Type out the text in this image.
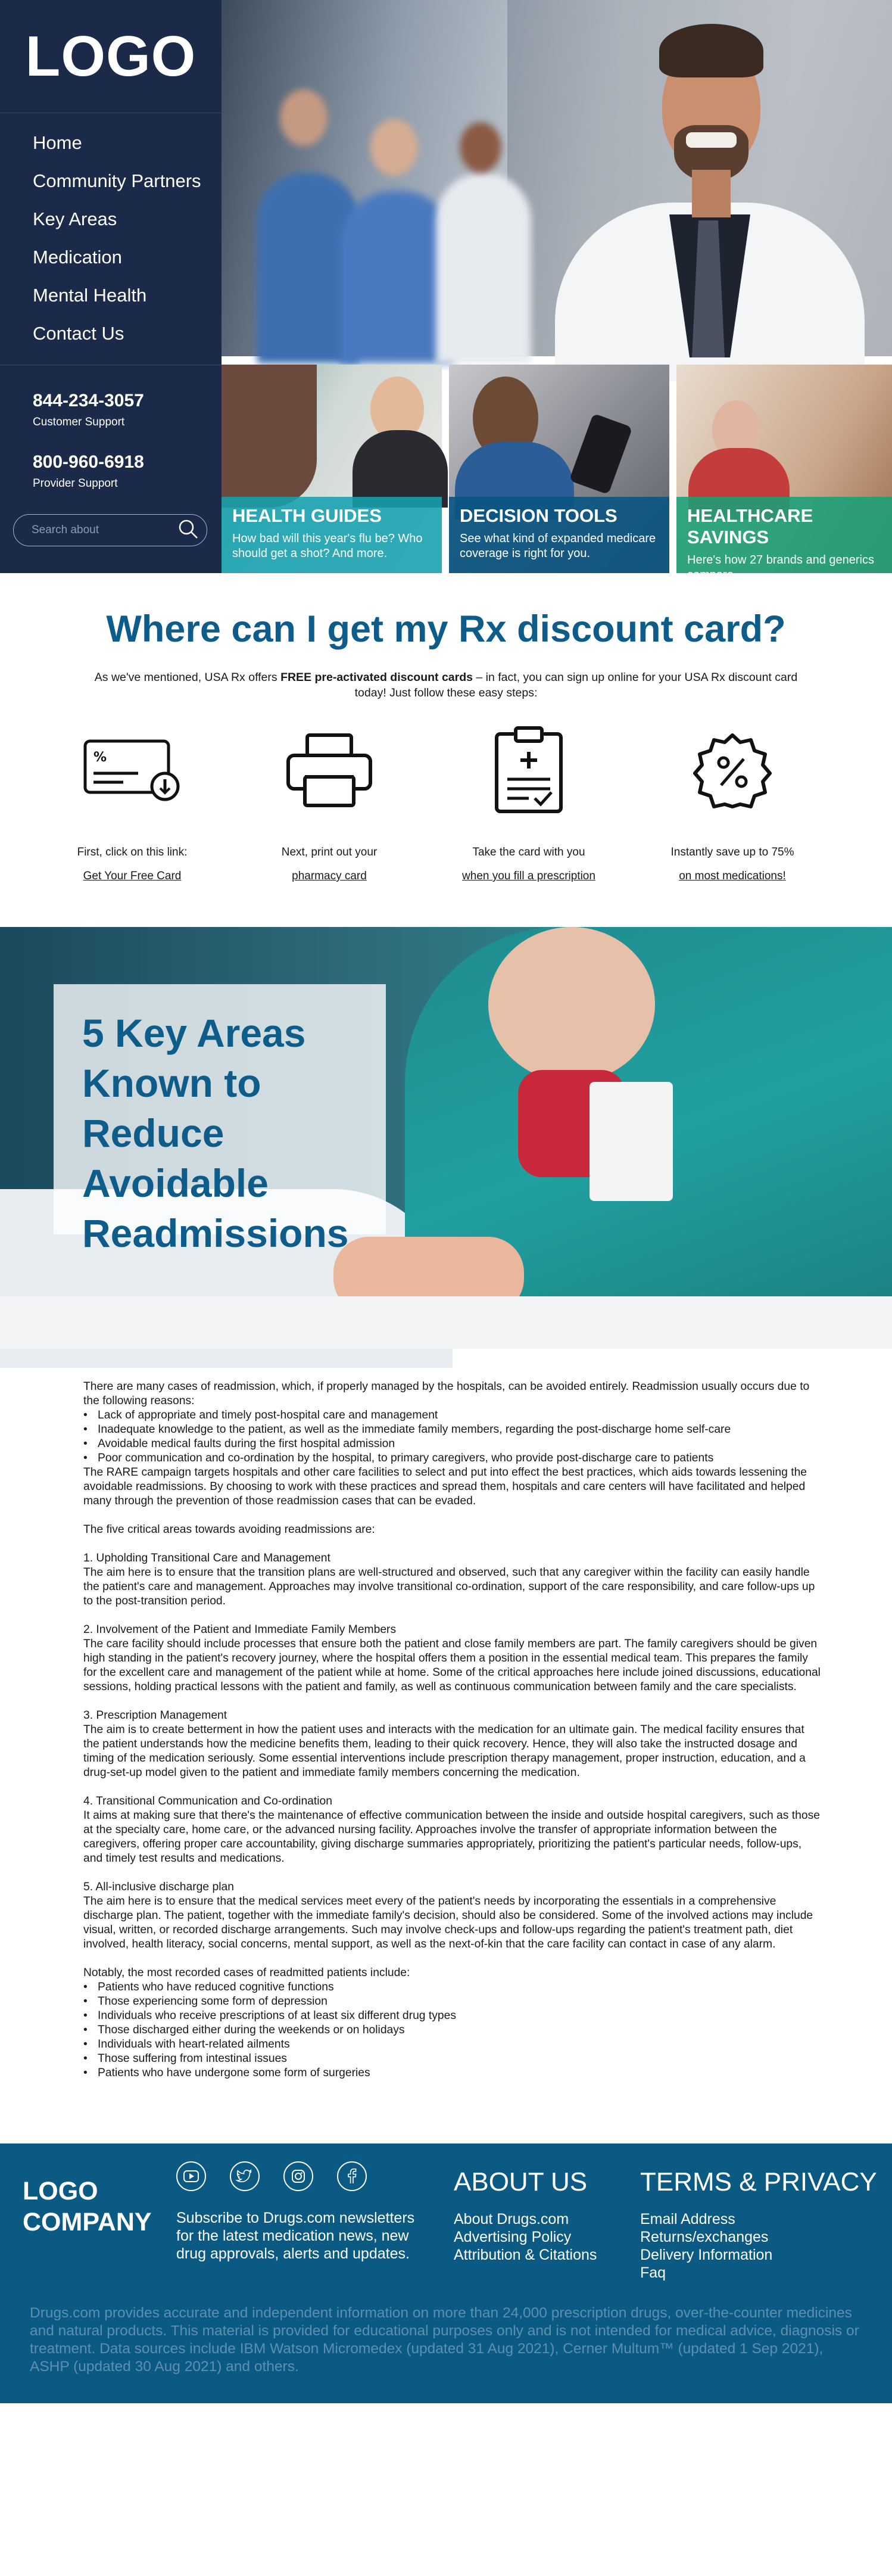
LOGO
Home
Community Partners
Key Areas
Medication
Mental Health
Contact Us
844-234-3057
Customer Support
800-960-6918
Provider Support
Search about
HEALTH GUIDES
How bad will this year's flu be? Who should get a shot? And more.
DECISION TOOLS
See what kind of expanded medicare coverage is right for you.
HEALTHCARE SAVINGS
Here's how 27 brands and generics compare.
Where can I get my Rx discount card?

As we've mentioned, USA Rx offers FREE pre-activated discount cards – in fact, you can sign up online for your USA Rx discount card today! Just follow these easy steps:

%
First, click on this link:
Get Your Free Card
Next, print out your
pharmacy card
Take the card with you
when you fill a prescription
Instantly save up to 75%
on most medications!
5 Key Areas
Known to
Reduce
Avoidable
Readmissions

There are many cases of readmission, which, if properly managed by the hospitals, can be avoided entirely. Readmission usually occurs due to the following reasons:

• Lack of appropriate and timely post-hospital care and management
• Inadequate knowledge to the patient, as well as the immediate family members, regarding the post-discharge home self-care
• Avoidable medical faults during the first hospital admission
• Poor communication and co-ordination by the hospital, to primary caregivers, who provide post-discharge care to patients

The RARE campaign targets hospitals and other care facilities to select and put into effect the best practices, which aids towards lessening the avoidable readmissions. By choosing to work with these practices and spread them, hospitals and care centers will have facilitated and helped many through the prevention of those readmission cases that can be evaded.

The five critical areas towards avoiding readmissions are:

1. Upholding Transitional Care and Management

The aim here is to ensure that the transition plans are well-structured and observed, such that any caregiver within the facility can easily handle the patient's care and management. Approaches may involve transitional co-ordination, support of the care responsibility, and care follow-ups up to the post-transition period.

2. Involvement of the Patient and Immediate Family Members

The care facility should include processes that ensure both the patient and close family members are part. The family caregivers should be given high standing in the patient's recovery journey, where the hospital offers them a position in the essential medical team. This prepares the family for the excellent care and management of the patient while at home. Some of the critical approaches here include joined discussions, educational sessions, holding practical lessons with the patient and family, as well as continuous communication between family and the care specialists.

3. Prescription Management

The aim is to create betterment in how the patient uses and interacts with the medication for an ultimate gain. The medical facility ensures that the patient understands how the medicine benefits them, leading to their quick recovery. Hence, they will also take the instructed dosage and timing of the medication seriously. Some essential interventions include prescription therapy management, proper instruction, education, and a drug-set-up model given to the patient and immediate family members concerning the medication.

4. Transitional Communication and Co-ordination

It aims at making sure that there's the maintenance of effective communication between the inside and outside hospital caregivers, such as those at the specialty care, home care, or the advanced nursing facility. Approaches involve the transfer of appropriate information between the caregivers, offering proper care accountability, giving discharge summaries appropriately, prioritizing the patient's particular needs, follow-ups, and timely test results and medications.

5. All-inclusive discharge plan

The aim here is to ensure that the medical services meet every of the patient's needs by incorporating the essentials in a comprehensive discharge plan. The patient, together with the immediate family's decision, should also be considered. Some of the involved actions may include visual, written, or recorded discharge arrangements. Such may involve check-ups and follow-ups regarding the patient's treatment path, diet involved, health literacy, social concerns, mental support, as well as the next-of-kin that the care facility can contact in case of any alarm.

Notably, the most recorded cases of readmitted patients include:

• Patients who have reduced cognitive functions
• Those experiencing some form of depression
• Individuals who receive prescriptions of at least six different drug types
• Those discharged either during the weekends or on holidays
• Individuals with heart-related ailments
• Those suffering from intestinal issues
• Patients who have undergone some form of surgeries
LOGO
COMPANY Subscribe to Drugs.com newsletters for the latest medication news, new drug approvals, alerts and updates.

ABOUT US
About Drugs.com
Advertising Policy
Attribution & Citations
TERMS & PRIVACY
Email Address
Returns/exchanges
Delivery Information
Faq

Drugs.com provides accurate and independent information on more than 24,000 prescription drugs, over-the-counter medicines and natural products. This material is provided for educational purposes only and is not intended for medical advice, diagnosis or treatment. Data sources include IBM Watson Micromedex (updated 31 Aug 2021), Cerner Multum™ (updated 1 Sep 2021), ASHP (updated 30 Aug 2021) and others.
